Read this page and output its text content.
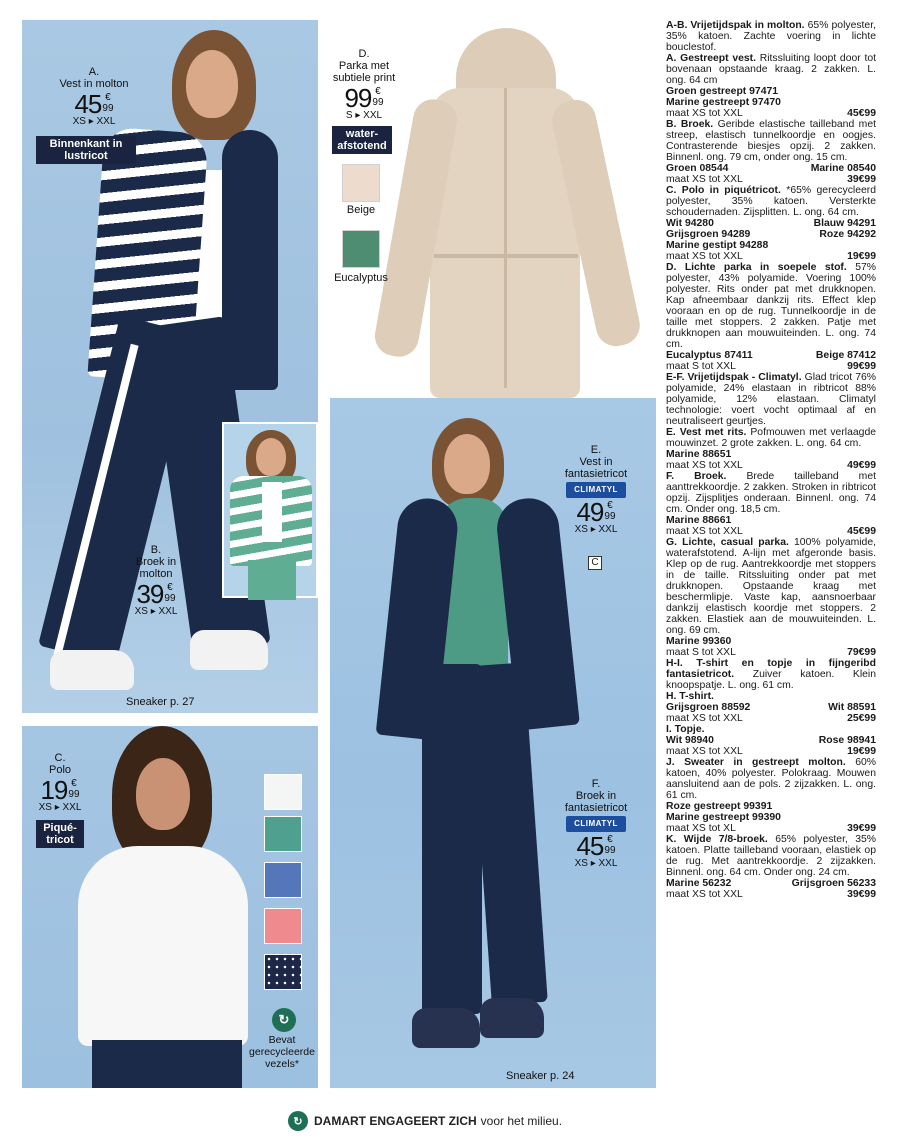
A.
Vest in molton
45 €
99
XS ▸ XXL
Binnenkant in lustricot
B.
Broek in molton
39 €
99
XS ▸ XXL
Sneaker p. 27
D.
Parka met subtiele print
99 €
99
S ▸ XXL
water-afstotend
Beige
Eucalyptus
E.
Vest in fantasietricot
CLIMATYL
49 €
99
XS ▸ XXL
C
F.
Broek in fantasietricot
CLIMATYL
45 €
99
XS ▸ XXL
Sneaker p. 24
C.
Polo
19 €
99
XS ▸ XXL
Piqué-tricot
↻
Bevat gerecycleerde vezels*
A-B. Vrijetijdspak in molton. 65% polyester, 35% katoen. Zachte voering in lichte bouclestof.
A. Gestreept vest. Ritssluiting loopt door tot bovenaan opstaande kraag. 2 zakken. L. ong. 64 cm
Groen gestreept 97471
Marine gestreept 97470
maat XS tot XXL	45€99
B. Broek. Geribde elastische tailleband met streep, elastisch tunnelkoordje en oogjes. Contrasterende biesjes opzij. 2 zakken. Binnenl. ong. 79 cm, onder ong. 15 cm.
Groen 08544	Marine 08540
maat XS tot XXL	39€99
C. Polo in piquétricot. *65% gerecycleerd polyester, 35% katoen. Versterkte schoudernaden. Zijsplitten. L. ong. 64 cm.
Wit 94280	Blauw 94291
Grijsgroen 94289	Roze 94292
Marine gestipt 94288
maat XS tot XXL	19€99
D. Lichte parka in soepele stof. 57% polyester, 43% polyamide. Voering 100% polyester. Rits onder pat met drukknopen. Kap afneembaar dankzij rits. Effect klep vooraan en op de rug. Tunnelkoordje in de taille met stoppers. 2 zakken. Patje met drukknopen aan mouwuiteinden. L. ong. 74 cm.
Eucalyptus 87411	Beige 87412
maat S tot XXL	99€99
E-F. Vrijetijdspak - Climatyl. Glad tricot 76% polyamide, 24% elastaan in ribtricot 88% polyamide, 12% elastaan. Climatyl technologie: voert vocht optimaal af en neutraliseert geurtjes.
E. Vest met rits. Pofmouwen met verlaagde mouwinzet. 2 grote zakken. L. ong. 64 cm.
Marine 88651
maat XS tot XXL	49€99
F. Broek. Brede tailleband met aanttrekkoordje. 2 zakken. Stroken in ribtricot opzij. Zijsplitjes onderaan. Binnenl. ong. 74 cm. Onder ong. 18,5 cm.
Marine 88661
maat XS tot XXL	45€99
G. Lichte, casual parka. 100% polyamide, waterafstotend. A-lijn met afgeronde basis. Klep op de rug. Aantrekkoordje met stoppers in de taille. Ritssluiting onder pat met drukknopen. Opstaande kraag met beschermlipje. Vaste kap, aansnoerbaar dankzij elastisch koordje met stoppers. 2 zakken. Elastiek aan de mouwuiteinden. L. ong. 69 cm.
Marine 99360
maat S tot XXL	79€99
H-I. T-shirt en topje in fijngeribd fantasietricot. Zuiver katoen. Klein knoopspatje. L. ong. 61 cm.
H. T-shirt.
Grijsgroen 88592	Wit 88591
maat XS tot XXL	25€99
I. Topje.
Wit 98940	Rose 98941
maat XS tot XXL	19€99
J. Sweater in gestreept molton. 60% katoen, 40% polyester. Polokraag. Mouwen aansluitend aan de pols. 2 zijzakken. L. ong. 61 cm.
Roze gestreept 99391
Marine gestreept 99390
maat XS tot XL	39€99
K. Wijde 7/8-broek. 65% polyester, 35% katoen. Platte tailleband vooraan, elastiek op de rug. Met aantrekkoordje. 2 zijzakken. Binnenl. ong. 64 cm. Onder ong. 24 cm.
Marine 56232	Grijsgroen 56233
maat XS tot XXL	39€99
↻ DAMART ENGAGEERT ZICH voor het milieu.
